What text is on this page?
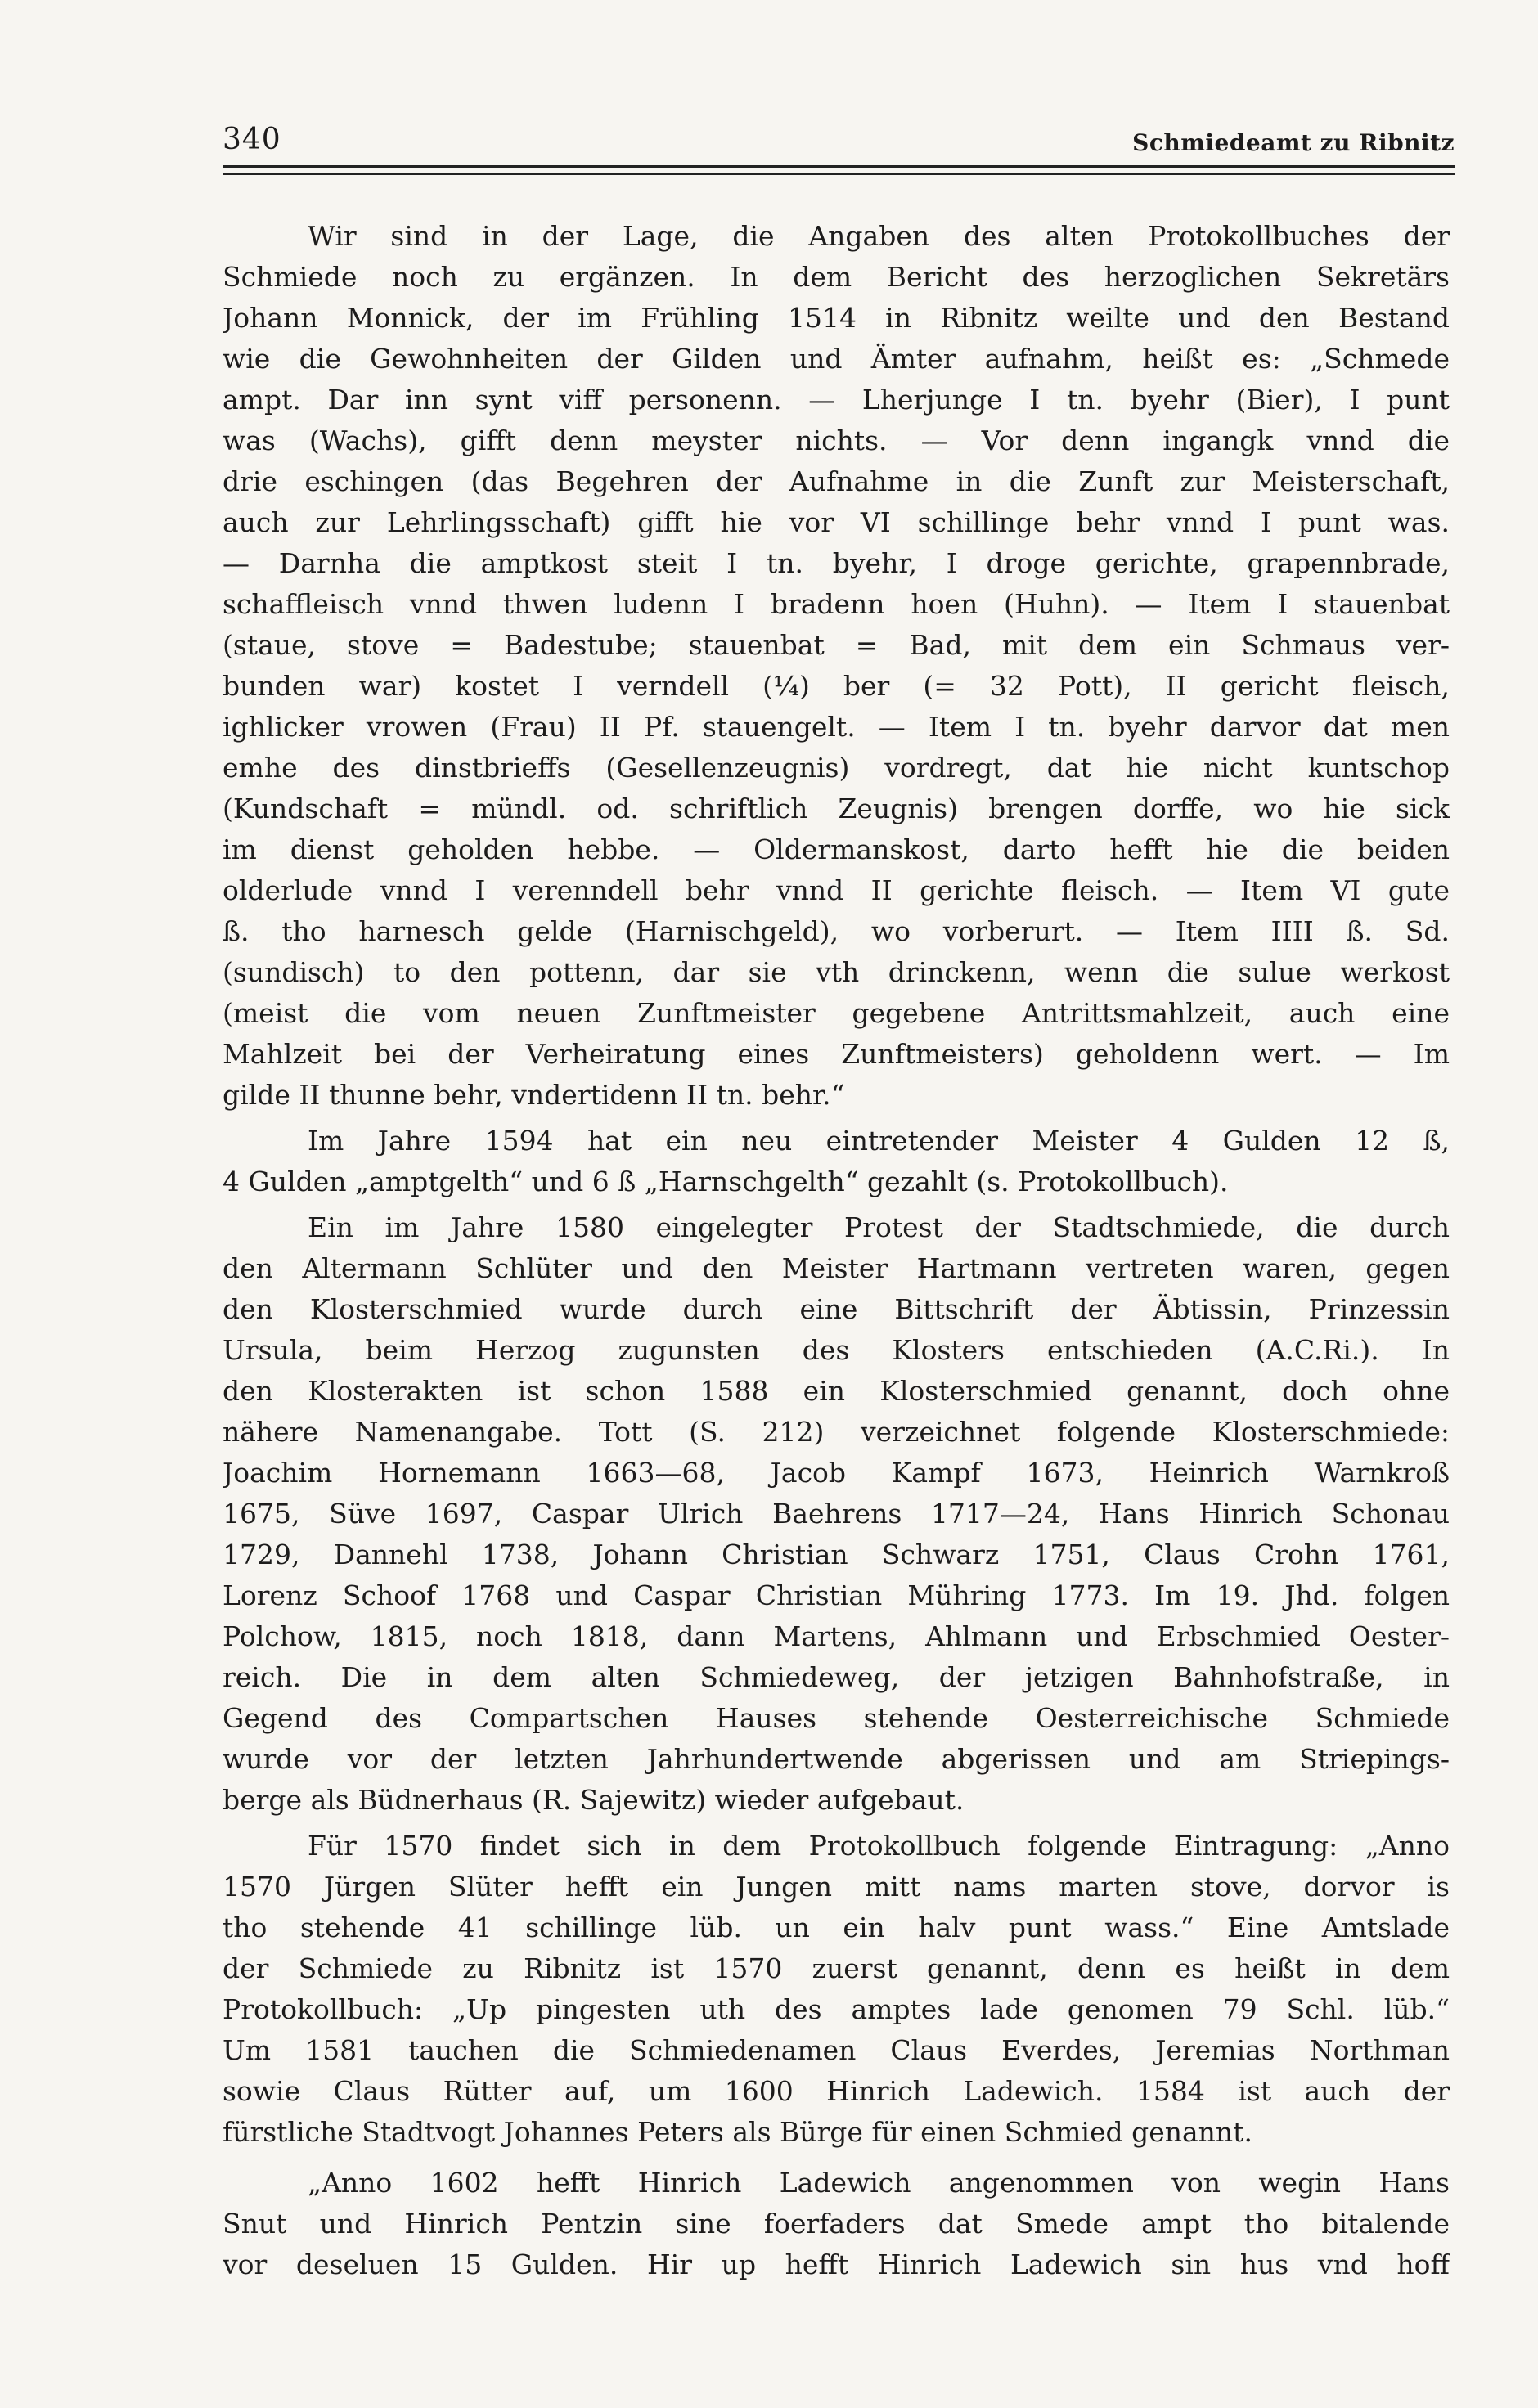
340	Schmiedeamt zu Ribnitz
Wir sind in der Lage, die Angaben des alten Protokollbuches der
Schmiede noch zu ergänzen. In dem Bericht des herzoglichen Sekretärs
Johann Monnick, der im Frühling 1514 in Ribnitz weilte und den Bestand
wie die Gewohnheiten der Gilden und Ämter aufnahm, heißt es: „Schmede
ampt. Dar inn synt viff personenn. — Lherjunge I tn. byehr (Bier), I punt
was (Wachs), gifft denn meyster nichts. — Vor denn ingangk vnnd die
drie eschingen (das Begehren der Aufnahme in die Zunft zur Meisterschaft,
auch zur Lehrlingsschaft) gifft hie vor VI schillinge behr vnnd I punt was.
— Darnha die amptkost steit I tn. byehr, I droge gerichte, grapennbrade,
schaffleisch vnnd thwen ludenn I bradenn hoen (Huhn). — Item I stauenbat
(staue, stove = Badestube; stauenbat = Bad, mit dem ein Schmaus ver-
bunden war) kostet I verndell (¼) ber (= 32 Pott), II gericht fleisch,
ighlicker vrowen (Frau) II Pf. stauengelt. — Item I tn. byehr darvor dat men
emhe des dinstbrieffs (Gesellenzeugnis) vordregt, dat hie nicht kuntschop
(Kundschaft = mündl. od. schriftlich Zeugnis) brengen dorffe, wo hie sick
im dienst geholden hebbe. — Oldermanskost, darto hefft hie die beiden
olderlude vnnd I verenndell behr vnnd II gerichte fleisch. — Item VI gute
ß. tho harnesch gelde (Harnischgeld), wo vorberurt. — Item IIII ß. Sd.
(sundisch) to den pottenn, dar sie vth drinckenn, wenn die sulue werkost
(meist die vom neuen Zunftmeister gegebene Antrittsmahlzeit, auch eine
Mahlzeit bei der Verheiratung eines Zunftmeisters) geholdenn wert. — Im
gilde II thunne behr, vndertidenn II tn. behr.“
Im Jahre 1594 hat ein neu eintretender Meister 4 Gulden 12 ß,
4 Gulden „amptgelth“ und 6 ß „Harnschgelth“ gezahlt (s. Protokollbuch).
Ein im Jahre 1580 eingelegter Protest der Stadtschmiede, die durch
den Altermann Schlüter und den Meister Hartmann vertreten waren, gegen
den Klosterschmied wurde durch eine Bittschrift der Äbtissin, Prinzessin
Ursula, beim Herzog zugunsten des Klosters entschieden (A.C.Ri.). In
den Klosterakten ist schon 1588 ein Klosterschmied genannt, doch ohne
nähere Namenangabe. Tott (S. 212) verzeichnet folgende Klosterschmiede:
Joachim Hornemann 1663—68, Jacob Kampf 1673, Heinrich Warnkroß
1675, Süve 1697, Caspar Ulrich Baehrens 1717—24, Hans Hinrich Schonau
1729, Dannehl 1738, Johann Christian Schwarz 1751, Claus Crohn 1761,
Lorenz Schoof 1768 und Caspar Christian Mühring 1773. Im 19. Jhd. folgen
Polchow, 1815, noch 1818, dann Martens, Ahlmann und Erbschmied Oester-
reich. Die in dem alten Schmiedeweg, der jetzigen Bahnhofstraße, in
Gegend des Compartschen Hauses stehende Oesterreichische Schmiede
wurde vor der letzten Jahrhundertwende abgerissen und am Striepings-
berge als Büdnerhaus (R. Sajewitz) wieder aufgebaut.
Für 1570 findet sich in dem Protokollbuch folgende Eintragung: „Anno
1570 Jürgen Slüter hefft ein Jungen mitt nams marten stove, dorvor is
tho stehende 41 schillinge lüb. un ein halv punt wass.“ Eine Amtslade
der Schmiede zu Ribnitz ist 1570 zuerst genannt, denn es heißt in dem
Protokollbuch: „Up pingesten uth des amptes lade genomen 79 Schl. lüb.“
Um 1581 tauchen die Schmiedenamen Claus Everdes, Jeremias Northman
sowie Claus Rütter auf, um 1600 Hinrich Ladewich. 1584 ist auch der
fürstliche Stadtvogt Johannes Peters als Bürge für einen Schmied genannt.
„Anno 1602 hefft Hinrich Ladewich angenommen von wegin Hans
Snut und Hinrich Pentzin sine foerfaders dat Smede ampt tho bitalende
vor deseluen 15 Gulden. Hir up hefft Hinrich Ladewich sin hus vnd hoff
